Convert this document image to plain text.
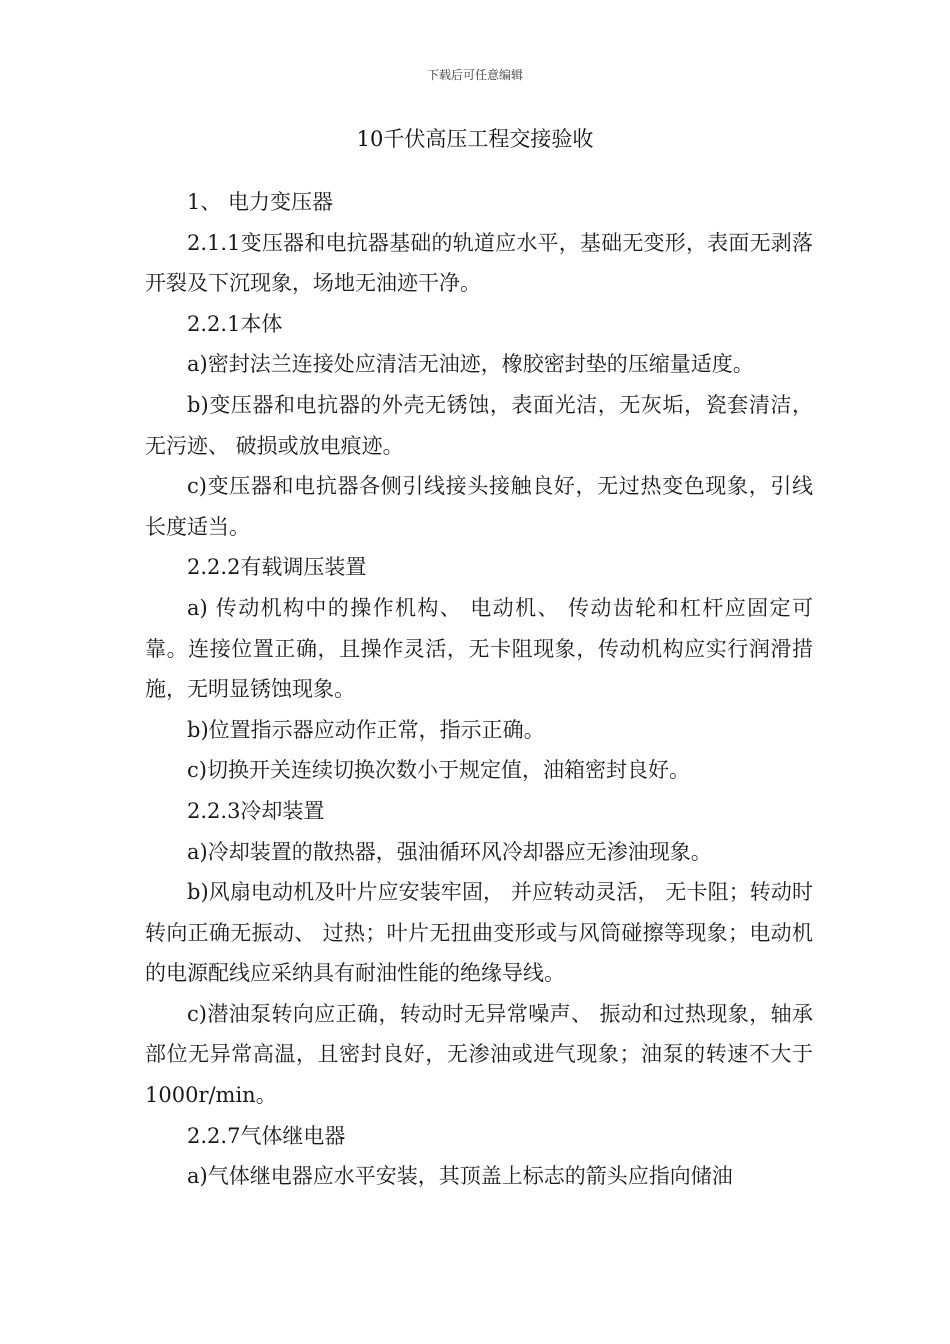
下载后可任意编辑
10千伏高压工程交接验收

1、 电力变压器

2.1.1变压器和电抗器基础的轨道应水平，基础无变形，表面无剥落开裂及下沉现象，场地无油迹干净。

2.2.1本体

a)密封法兰连接处应清洁无油迹，橡胶密封垫的压缩量适度。

b)变压器和电抗器的外壳无锈蚀，表面光洁，无灰垢，瓷套清洁，无污迹、 破损或放电痕迹。

c)变压器和电抗器各侧引线接头接触良好，无过热变色现象，引线长度适当。

2.2.2有载调压装置

a) 传动机构中的操作机构、 电动机、 传动齿轮和杠杆应固定可靠。连接位置正确，且操作灵活，无卡阻现象，传动机构应实行润滑措施，无明显锈蚀现象。

b)位置指示器应动作正常，指示正确。

c)切换开关连续切换次数小于规定值，油箱密封良好。

2.2.3冷却装置

a)冷却装置的散热器，强油循环风冷却器应无渗油现象。

b)风扇电动机及叶片应安装牢固， 并应转动灵活， 无卡阻；转动时转向正确无振动、 过热；叶片无扭曲变形或与风筒碰擦等现象；电动机的电源配线应采纳具有耐油性能的绝缘导线。

c)潜油泵转向应正确，转动时无异常噪声、 振动和过热现象，轴承部位无异常高温，且密封良好，无渗油或进气现象；油泵的转速不大于1000r/min。

2.2.7气体继电器

a)气体继电器应水平安装，其顶盖上标志的箭头应指向储油
